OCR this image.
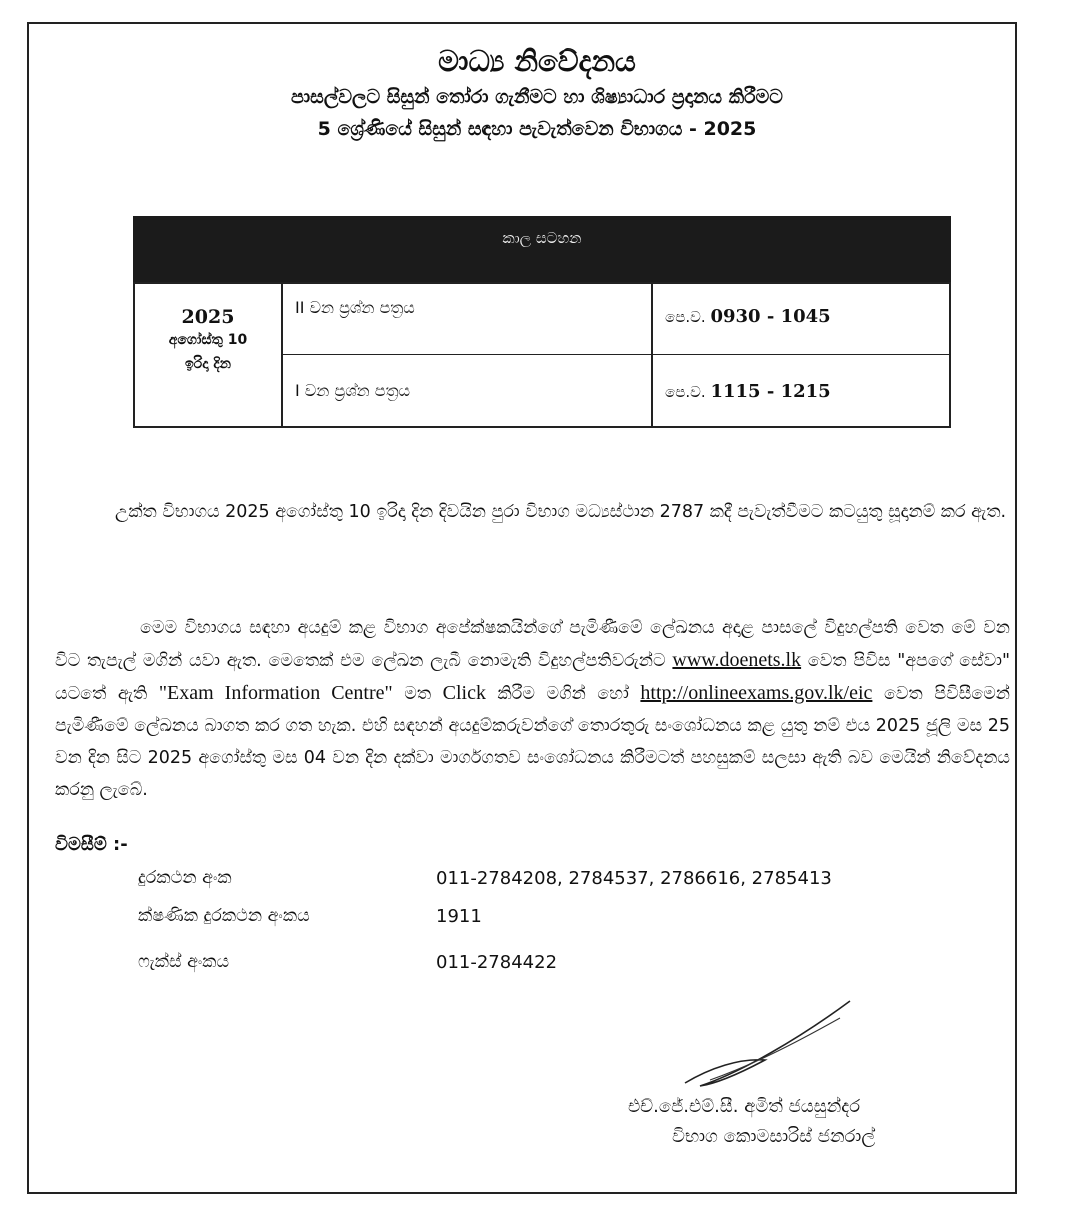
මාධ්‍ය නිවේදනය
පාසල්වලට සිසුන් තෝරා ගැනීමට හා ශිෂ්‍යාධාර ප්‍රදානය කිරීමට
5 ශ්‍රේණියේ සිසුන් සඳහා පැවැත්වෙන විභාගය - 2025
කාල සටහන
2025
අගෝස්තු 10
ඉරිදා දින
II වන ප්‍රශ්න පත්‍රය	පෙ.ව. 0930 - 1045
I වන ප්‍රශ්න පත්‍රය	පෙ.ව. 1115 - 1215

උක්ත විභාගය 2025 අගෝස්තු 10 ඉරිදා දින දිවයින පුරා විභාග මධ්‍යස්ථාන 2787 කදී පැවැත්වීමට කටයුතු සූදානම් කර ඇත.

මෙම විභාගය සඳහා අයදුම් කළ විභාග අපේක්ෂකයින්ගේ පැමිණීමේ ලේඛනය අදාළ පාසලේ විදුහල්පති වෙත මේ වන විට තැපැල් මගින් යවා ඇත. මෙතෙක් එම ලේඛන ලැබී නොමැති විදුහල්පතිවරුන්ට www.doenets.lk වෙත පිවිස "අපගේ සේවා" යටතේ ඇති "Exam Information Centre" මත Click කිරීම මගින් හෝ http://onlineexams.gov.lk/eic වෙත පිවිසීමෙන් පැමිණීමේ ලේඛනය බාගත කර ගත හැක. එහි සඳහන් අයදුම්කරුවන්ගේ තොරතුරු සංශෝධනය කළ යුතු නම් එය 2025 ජූලි මස 25 වන දින සිට 2025 අගෝස්තු මස 04 වන දින දක්වා මාර්ගගතව සංශෝධනය කිරීමටත් පහසුකම් සලසා ඇති බව මෙයින් නිවේදනය කරනු ලැබේ.

විමසීම් :-
දුරකථන අංක	011-2784208, 2784537, 2786616, 2785413
ක්ෂණික දුරකථන අංකය	1911
ෆැක්ස් අංකය	011-2784422
එච්.ජේ.එම්.සී. අමිත් ජයසුන්දර
විභාග කොමසාරිස් ජනරාල්
